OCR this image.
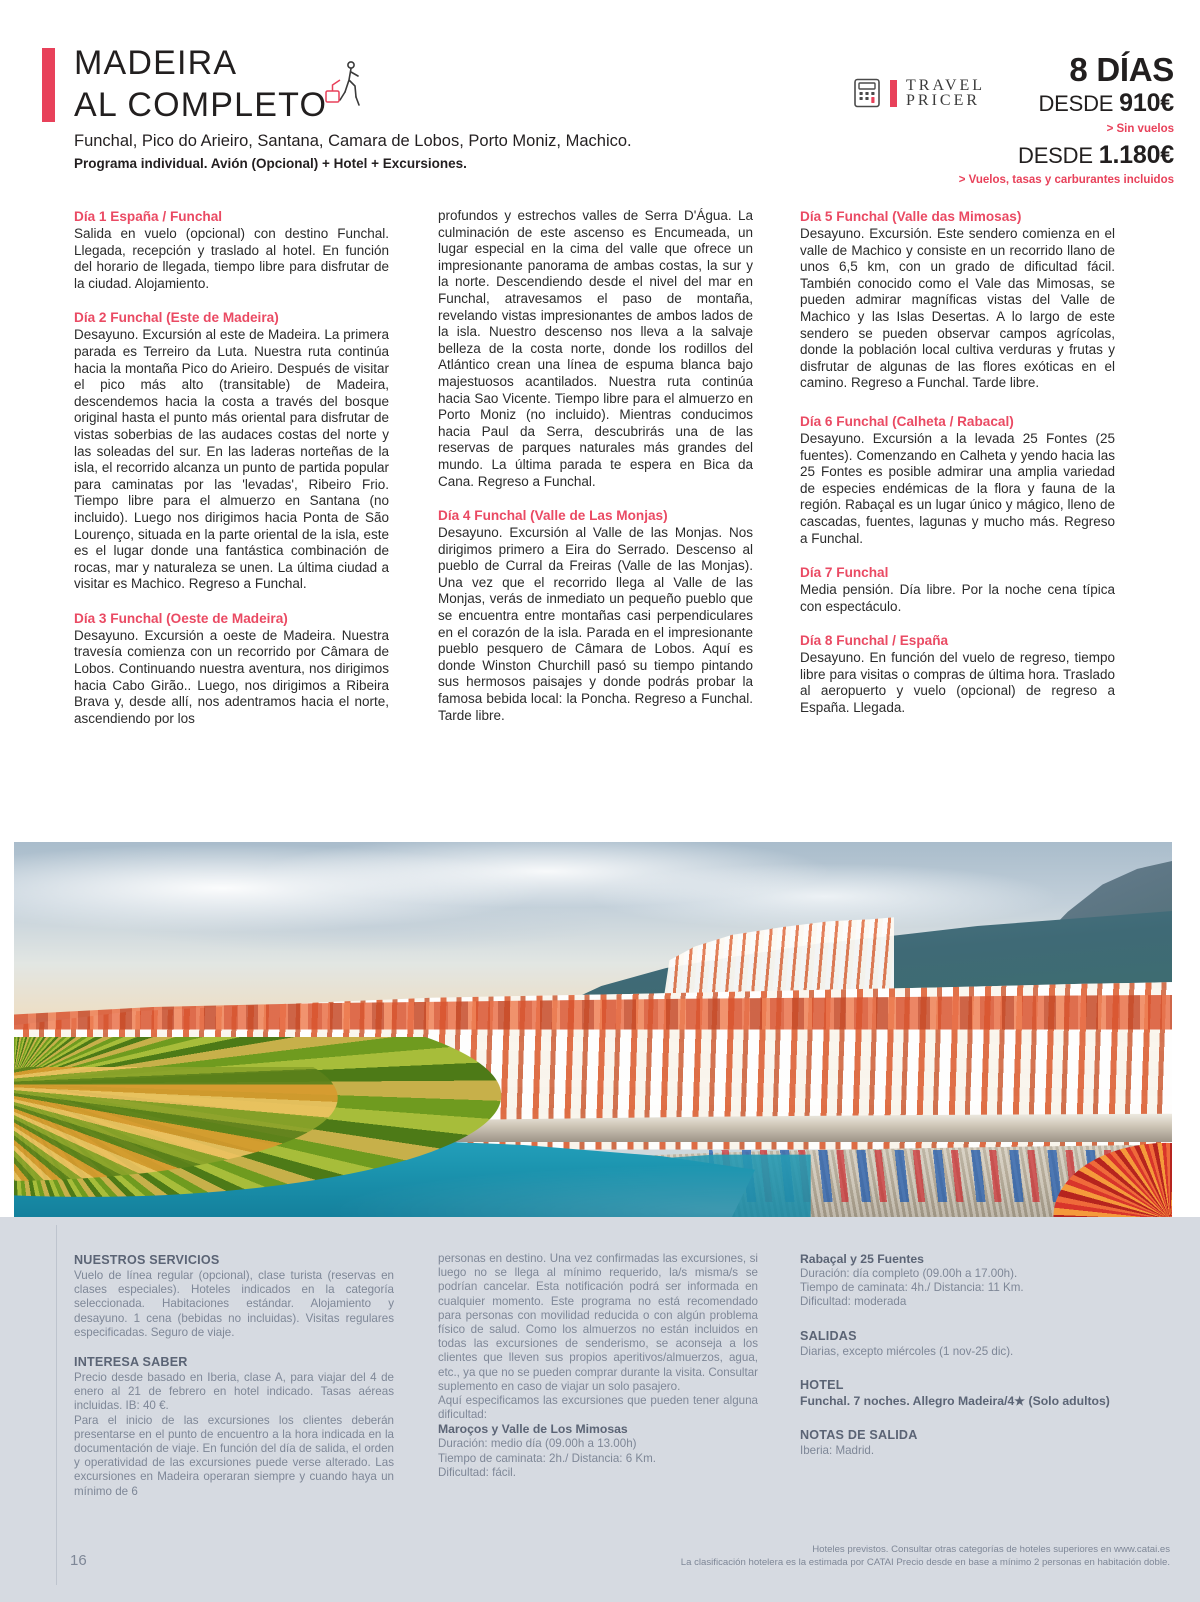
MADEIRA
AL COMPLETO
Funchal, Pico do Arieiro, Santana, Camara de Lobos, Porto Moniz, Machico.
Programa individual. Avión (Opcional) + Hotel + Excursiones.
TRAVEL
PRICER
8 DÍAS
DESDE 910€
> Sin vuelos
DESDE 1.180€
> Vuelos, tasas y carburantes incluidos
Día 1 España / Funchal
Salida en vuelo (opcional) con destino Funchal. Llegada, recepción y traslado al hotel. En función del horario de llegada, tiempo libre para disfrutar de la ciudad. Alojamiento.
Día 2 Funchal (Este de Madeira)
Desayuno. Excursión al este de Madeira. La primera parada es Terreiro da Luta. Nuestra ruta continúa hacia la montaña Pico do Arieiro. Después de visitar el pico más alto (transitable) de Madeira, descendemos hacia la costa a través del bosque original hasta el punto más oriental para disfrutar de vistas soberbias de las audaces costas del norte y las soleadas del sur. En las laderas norteñas de la isla, el recorrido alcanza un punto de partida popular para caminatas por las 'levadas', Ribeiro Frio. Tiempo libre para el almuerzo en Santana (no incluido). Luego nos dirigimos hacia Ponta de São Lourenço, situada en la parte oriental de la isla, este es el lugar donde una fantástica combinación de rocas, mar y naturaleza se unen. La última ciudad a visitar es Machico. Regreso a Funchal.
Día 3 Funchal (Oeste de Madeira)
Desayuno. Excursión a oeste de Madeira. Nuestra travesía comienza con un recorrido por Câmara de Lobos. Continuando nuestra aventura, nos dirigimos hacia Cabo Girão.. Luego, nos dirigimos a Ribeira Brava y, desde allí, nos adentramos hacia el norte, ascendiendo por los
profundos y estrechos valles de Serra D'Água. La culminación de este ascenso es Encumeada, un lugar especial en la cima del valle que ofrece un impresionante panorama de ambas costas, la sur y la norte. Descendiendo desde el nivel del mar en Funchal, atravesamos el paso de montaña, revelando vistas impresionantes de ambos lados de la isla. Nuestro descenso nos lleva a la salvaje belleza de la costa norte, donde los rodillos del Atlántico crean una línea de espuma blanca bajo majestuosos acantilados. Nuestra ruta continúa hacia Sao Vicente. Tiempo libre para el almuerzo en Porto Moniz (no incluido). Mientras conducimos hacia Paul da Serra, descubrirás una de las reservas de parques naturales más grandes del mundo. La última parada te espera en Bica da Cana. Regreso a Funchal.
Día 4 Funchal (Valle de Las Monjas)
Desayuno. Excursión al Valle de las Monjas. Nos dirigimos primero a Eira do Serrado. Descenso al pueblo de Curral da Freiras (Valle de las Monjas). Una vez que el recorrido llega al Valle de las Monjas, verás de inmediato un pequeño pueblo que se encuentra entre montañas casi perpendiculares en el corazón de la isla. Parada en el impresionante pueblo pesquero de Câmara de Lobos. Aquí es donde Winston Churchill pasó su tiempo pintando sus hermosos paisajes y donde podrás probar la famosa bebida local: la Poncha. Regreso a Funchal. Tarde libre.
Día 5 Funchal (Valle das Mimosas)
Desayuno. Excursión. Este sendero comienza en el valle de Machico y consiste en un recorrido llano de unos 6,5 km, con un grado de dificultad fácil. También conocido como el Vale das Mimosas, se pueden admirar magníficas vistas del Valle de Machico y las Islas Desertas. A lo largo de este sendero se pueden observar campos agrícolas, donde la población local cultiva verduras y frutas y disfrutar de algunas de las flores exóticas en el camino. Regreso a Funchal. Tarde libre.
Día 6 Funchal (Calheta / Rabacal)
Desayuno. Excursión a la levada 25 Fontes (25 fuentes). Comenzando en Calheta y yendo hacia las 25 Fontes es posible admirar una amplia variedad de especies endémicas de la flora y fauna de la región. Rabaçal es un lugar único y mágico, lleno de cascadas, fuentes, lagunas y mucho más. Regreso a Funchal.
Día 7 Funchal
Media pensión. Día libre. Por la noche cena típica con espectáculo.
Día 8 Funchal / España
Desayuno. En función del vuelo de regreso, tiempo libre para visitas o compras de última hora. Traslado al aeropuerto y vuelo (opcional) de regreso a España. Llegada.
NUESTROS SERVICIOS
Vuelo de línea regular (opcional), clase turista (reservas en clases especiales). Hoteles indicados en la categoría seleccionada. Habitaciones estándar. Alojamiento y desayuno. 1 cena (bebidas no incluidas). Visitas regulares especificadas. Seguro de viaje.
INTERESA SABER
Precio desde basado en Iberia, clase A, para viajar del 4 de enero al 21 de febrero en hotel indicado. Tasas aéreas incluidas. IB: 40 €.
Para el inicio de las excursiones los clientes deberán presentarse en el punto de encuentro a la hora indicada en la documentación de viaje. En función del día de salida, el orden y operatividad de las excursiones puede verse alterado. Las excursiones en Madeira operaran siempre y cuando haya un mínimo de 6
personas en destino. Una vez confirmadas las excursiones, si luego no se llega al mínimo requerido, la/s misma/s se podrían cancelar. Esta notificación podrá ser informada en cualquier momento. Este programa no está recomendado para personas con movilidad reducida o con algún problema físico de salud. Como los almuerzos no están incluidos en todas las excursiones de senderismo, se aconseja a los clientes que lleven sus propios aperitivos/almuerzos, agua, etc., ya que no se pueden comprar durante la visita. Consultar suplemento en caso de viajar un solo pasajero.
Aquí especificamos las excursiones que pueden tener alguna dificultad:
Maroços y Valle de Los Mimosas
Duración: medio día (09.00h a 13.00h)
Tiempo de caminata: 2h./ Distancia: 6 Km.
Dificultad: fácil.
Rabaçal y 25 Fuentes
Duración: día completo (09.00h a 17.00h).
Tiempo de caminata: 4h./ Distancia: 11 Km.
Dificultad: moderada
SALIDAS
Diarias, excepto miércoles (1 nov-25 dic).
HOTEL
Funchal. 7 noches. Allegro Madeira/4★ (Solo adultos)
NOTAS DE SALIDA
Iberia: Madrid.
16
Hoteles previstos. Consultar otras categorías de hoteles superiores en www.catai.es
La clasificación hotelera es la estimada por CATAI Precio desde en base a mínimo 2 personas en habitación doble.
